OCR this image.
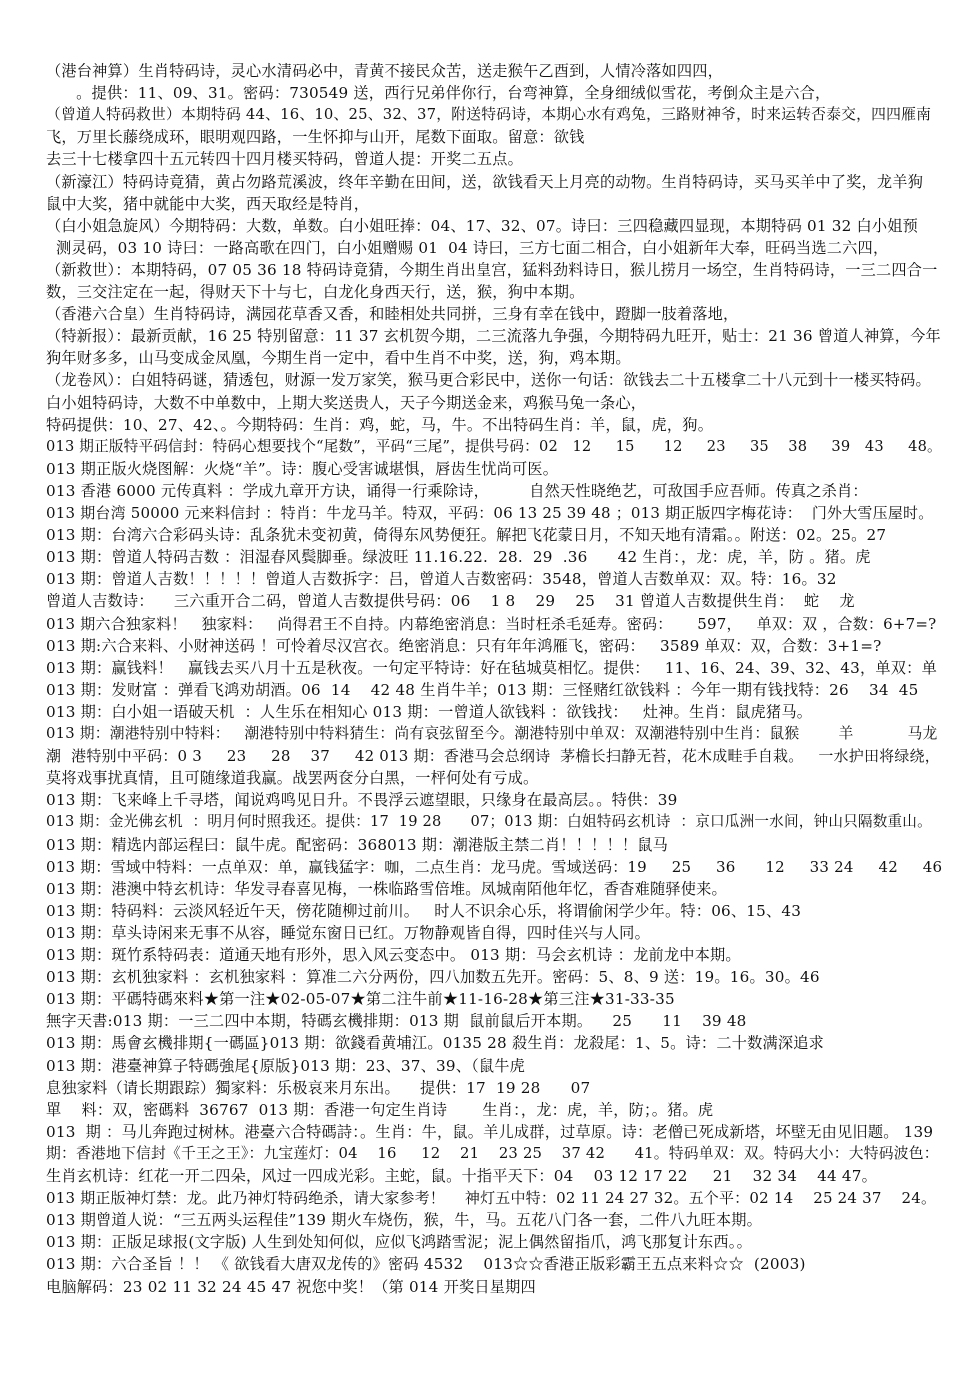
（港台神算）生肖特码诗，灵心水清码必中，青黄不接民众苦，送走猴午乙酉到，人情冷落如四四，
。提供：11、09、31。密码：730549 送，西行兄弟伴你行，台弯神算，全身细绒似雪花，考倒众主是六合，
（曾道人特码救世）本期特码 44、16、10、25、32、37，附送特码诗，本期心水有鸡兔，三路财神爷，时来运转否泰交，四四雁南
飞，万里长藤绕成环，眼明观四路，一生怀抑与山开，尾数下面取。留意：欲钱
去三十七楼拿四十五元转四十四月楼买特码，曾道人提：开奖二五点。
（新濠江）特码诗竟猜，黄占勿路荒溪波，终年辛勤在田间，送，欲钱看天上月亮的动物。生肖特码诗，买马买羊中了奖，龙羊狗
鼠中大奖，猪中就能中大奖，西天取经是特肖，
（白小姐急旋风）今期特码：大数，单数。白小姐旺捧：04、17、32、07。诗曰：三四稳藏四显现，本期特码 01 32 白小姐预
测灵码，03 10 诗曰：一路高歌在四门，白小姐赠赐 01  04 诗曰，三方七面二相合，白小姐新年大奉，旺码当选二六四，
（新救世）：本期特码，07 05 36 18 特码诗竟猜，今期生肖出皇宫，猛料劲料诗日，猴儿捞月一场空，生肖特码诗，一三二四合一
数，三交注定在一起，得财天下十与七，白龙化身西天行，送，猴，狗中本期。
（香港六合皇）生肖特码诗，满园花草香又香，和睦相处共同拼，三身有幸在钱中，蹬脚一肢着落地，
（特新报）：最新贡献，16 25 特别留意：11 37 玄机贺今期，二三流落九争强，今期特码九旺开，贴士：21 36 曾道人神算，今年
狗年财多多，山马变成金凤凰，今期生肖一定中，看中生肖不中奖，送，狗，鸡本期。
（龙卷风）：白姐特码谜，猜透包，财源一发万家笑，猴马更合彩民中，送你一句话：欲钱去二十五楼拿二十八元到十一楼买特码。
白小姐特码诗，大数不中单数中，上期大奖送贵人，天子今期送金来，鸡猴马兔一条心，
特码提供：10、27、42、。今期特码：生肖：鸡，蛇，马，牛。不出特码生肖：羊，鼠，虎，狗。
013 期正版特平码信封：特码心想要找个“尾数”，平码“三尾”，提供号码：02   12     15      12     23     35    38     39   43     48。
013 期正版火烧图解：火烧“羊”。诗：腹心受害诚堪惧，唇齿生忧尚可医。
013 香港 6000 元传真料 ：学成九章开方诀，诵得一行乘除诗，        自然天性晓绝艺，可敌国手应吾师。传真之杀肖：
013 期台湾 50000 元来料信封 ：特肖：牛龙马羊。特双，平码：06 13 25 39 48 ；013 期正版四字梅花诗：  门外大雪压屋时。
013 期：台湾六合彩码头诗：乱条犹未变初黄，倚得东风势便狂。解把飞花蒙日月，不知天地有清霜。。附送：02。25。27
013 期：曾道人特码吉数 ：泪湿春风鬓脚垂。绿波旺 11.16.22.  28.  29  .36      42 生肖：，龙：虎，羊，防 。猪。虎
013 期：曾道人吉数！！！！！曾道人吉数拆字：吕，曾道人吉数密码：3548，曾道人吉数单双：双。特：16。32
曾道人吉数诗：    三六重开合二码，曾道人吉数提供号码：06    1 8    29    25    31 曾道人吉数提供生肖：  蛇    龙
013 期六合独家料！   独家料：   尚得君王不自持。内幕绝密消息：当时枉杀毛延寿。密码：     597，   单双：双 ，合数：6+7=?
013 期:六合来料、小财神送码 ！可怜着尽汉宫衣。绝密消息：只有年年鸿雁飞，密码：   3589 单双：双，合数：3+1=?
013 期：赢钱料！   赢钱去买八月十五是秋夜。一句定平特诗：好在毡城莫相忆。提供：   11、16、24、39、32、43，单双：单
013 期：发财富 ：弹看飞鸿劝胡酒。06  14    42 48 生肖牛羊；013 期：三怪赌红欲钱料 ：今年一期有钱找特：26    34  45
013 期：白小姐一语破天机  ：人生乐在相知心 013 期：一曾道人欲钱料 ：欲钱找：   灶神。生肖：鼠虎猪马。
013 期：潮港特别中特料：   潮港特别中特料猜生：尚有哀弦留至今。潮港特别中单双：双潮港特别中生肖：鼠猴        羊           马龙
潮  港特别中平码：0 3     23     28    37     42 013 期：香港马会总纲诗  茅檐长扫静无苔，花木成畦手自栽。   一水护田将绿绕，
莫将戏事扰真情，且可随缘道我赢。战罢两奁分白黑，一枰何处有亏成。
013 期：飞来峰上千寻塔，闻说鸡鸣见日升。不畏浮云遮望眼，只缘身在最高层。。特供：39
013 期：金光佛玄机  ：明月何时照我还。提供：17  19 28      07；013 期：白姐特码玄机诗  ：京口瓜洲一水间，钟山只隔数重山。
013 期：精选内部运程曰：鼠牛虎。配密码：368013 期：潮港版主禁二肖！！！！！鼠马
013 期：雪域中特料：一点单双：单，赢钱猛字：咖，二点生肖：龙马虎。雪域送码：19     25     36      12     33 24     42     46
013 期：港澳中特玄机诗：华发寻春喜见梅，一株临路雪倍堆。凤城南陌他年忆，香杳难随驿使来。
013 期：特码料：云淡风轻近午天，傍花随柳过前川。   时人不识余心乐，将谓偷闲学少年。特：06、15、43
013 期：草头诗闲来无事不从容，睡觉东窗日已红。万物静观皆自得，四时佳兴与人同。
013 期：斑竹系特码表：道通天地有形外，思入风云变态中。 013 期：马会玄机诗 ：龙前龙中本期。
013 期：玄机独家料 ：玄机独家料 ：算准二六分两份，四八加数五先开。密码：5、8、9 送：19。16。30。46
013 期：平碼特碼來料★第一注★02-05-07★第二注牛前★11-16-28★第三注★31-33-35
無字天書:013 期：一三二四中本期，特碼玄機排期：013 期  鼠前鼠后开本期。    25      11    39 48
013 期：馬會玄機排期{一碼區}013 期：欲錢看黄埔江。0135 28 殺生肖：龙殺尾：1、5。诗：二十数满深追求
013 期：港臺神算子特碼強尾{原版}013 期：23、37、39、（鼠牛虎
息独家料（请长期跟踪）獨家料：乐极哀来月东出。    提供：17  19 28      07
單    料：双，密碼料  36767  013 期：香港一句定生肖诗       生肖：，龙：虎，羊，防；。猪。虎
013  期 ：马儿奔跑过树林。港臺六合特碼詩：。生肖：牛，鼠。羊儿成群，过草原。诗：老僧已死成新塔，坏壁无由见旧题。 139
期：香港地下信封《千王之王》：九宝莲灯：04    16     12    21    23 25    37 42      41。特码单双：双。特码大小：大特码波色：
生肖玄机诗：红花一开二四朵，风过一四成光彩。主蛇，鼠。十指平天下：04    03 12 17 22     21    32 34    44 47。
013 期正版神灯禁：龙。此乃神灯特码绝杀，请大家参考！    神灯五中特：02 11 24 27 32。五个平：02 14    25 24 37    24。
013 期曾道人说：“三五两头运程佳”139 期火车烧伤，猴，牛，马。五花八门各一套，二件八九旺本期。
013 期：正版足球报(文字版) 人生到处知何似，应似飞鸿踏雪泥；泥上偶然留指爪，鸿飞那复计东西。。
013 期：六合圣旨 ！！ 《 欲钱看大唐双龙传的》密码 4532    013☆☆香港正版彩霸王五点来料☆☆  (2003)
电脑解码：23 02 11 32 24 45 47 祝您中奖！（第 014 开奖日星期四
